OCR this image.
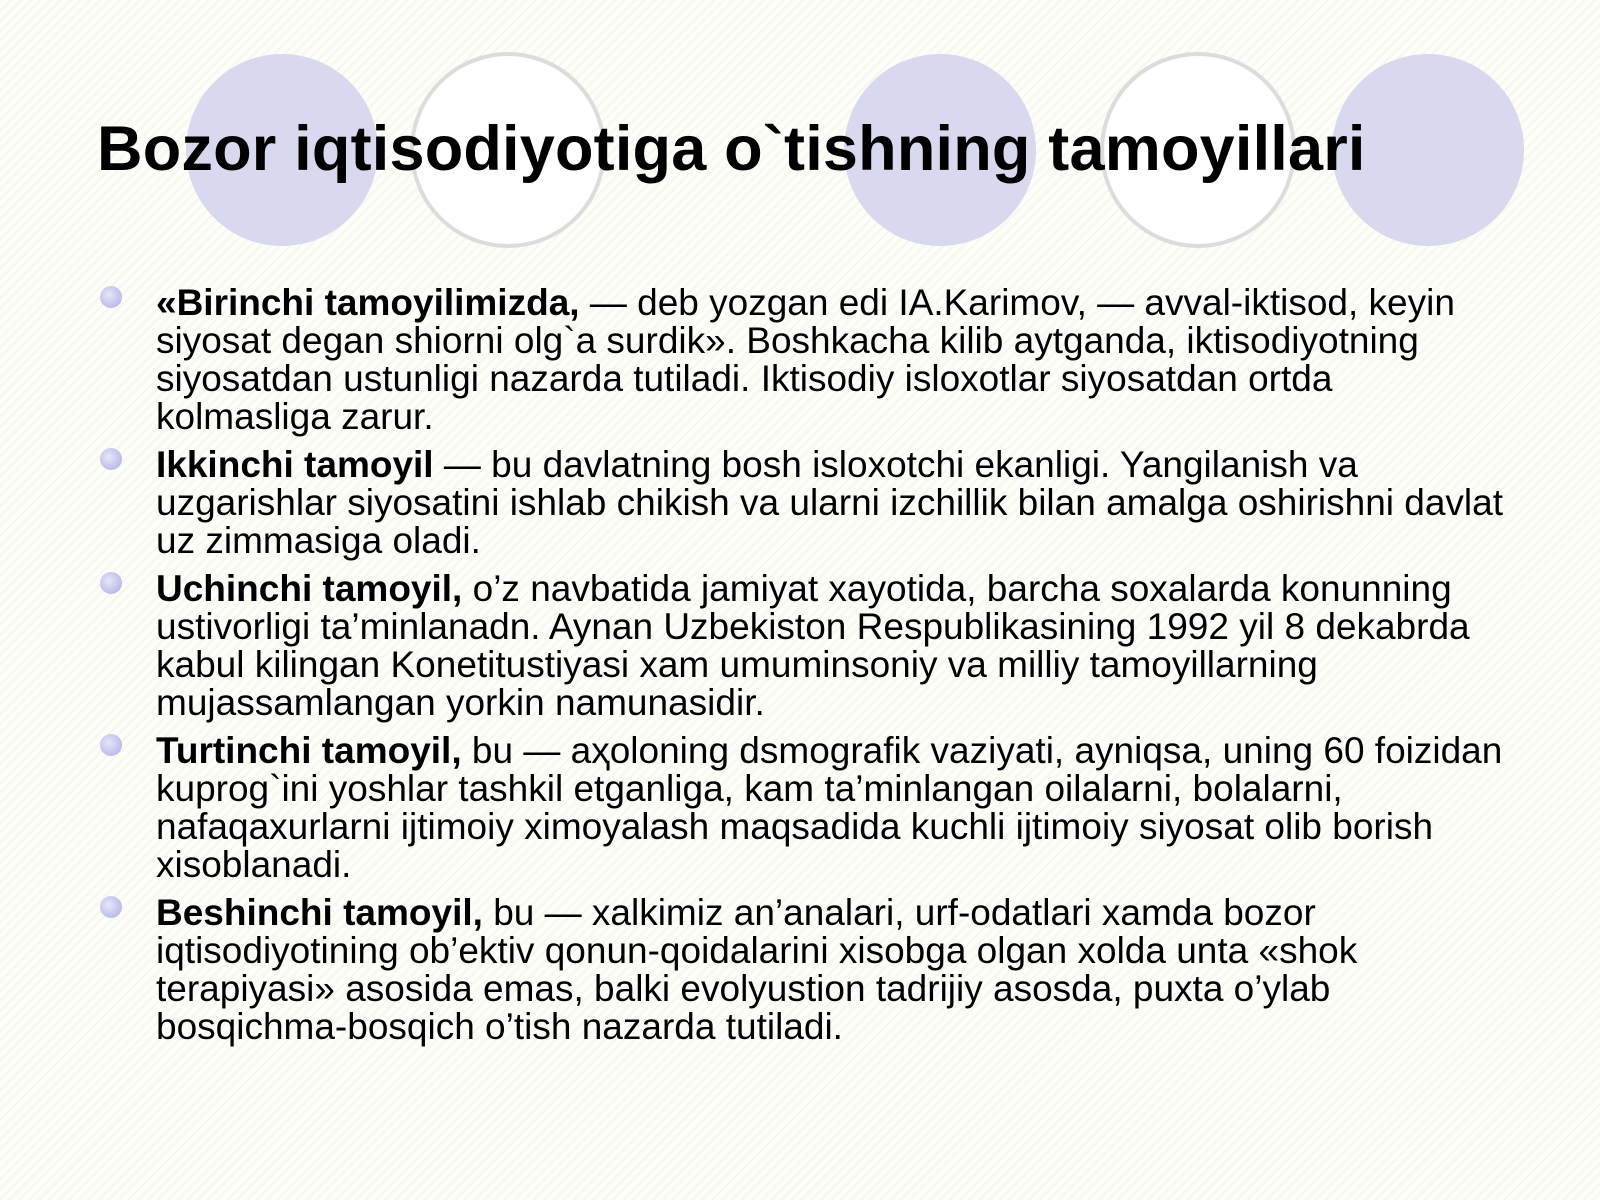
Bozor iqtisodiyotiga o`tishning tamoyillari
«Birinchi tamoyilimizda, — deb yozgan edi IA.Karimov, — avval-iktisod, keyin siyosat degan shiorni olg`a surdik». Boshkacha kilib aytganda, iktisodiyotning siyosatdan ustunligi nazarda tutiladi. Iktisodiy isloxotlar siyosatdan ortda kolmasliga zarur.
Ikkinchi tamoyil — bu davlatning bosh isloxotchi ekanligi. Yangilanish va uzgarishlar siyosatini ishlab chikish va ularni izchillik bilan amalga oshirishni davlat uz zimmasiga oladi.
Uchinchi tamoyil, o’z navbatida jamiyat xayotida, barcha soxalarda konunning ustivorligi ta’minlanadn. Aynan Uzbekiston Respublikasining 1992 yil 8 dekabrda kabul kilingan Konetitustiyasi xam umuminsoniy va milliy tamoyillarning mujassamlangan yorkin namunasidir.
Turtinchi tamoyil, bu — aҳolonіng dsmografik vaziyati, ayniqsa, uning 60 foizidan kuprog`ini yoshlar tashkil etganliga, kam ta’minlangan oilalarni, bolalarni, nafaqaxurlarni ijtimoiy ximoyalash maqsadida kuchli ijtimoiy siyosat olib borish xisoblanadi.
Beshinchi tamoyil, bu — xalkimiz an’analari, urf-odatlari xamda bozor iqtisodiyotining ob’ektiv qonun-qoidalarini xisobga olgan xolda unta «shok terapiyasi» asosida emas, balki evolyustion tadrijiy asosda, puxta o’ylab bosqichma-bosqich o’tish nazarda tutiladi.
